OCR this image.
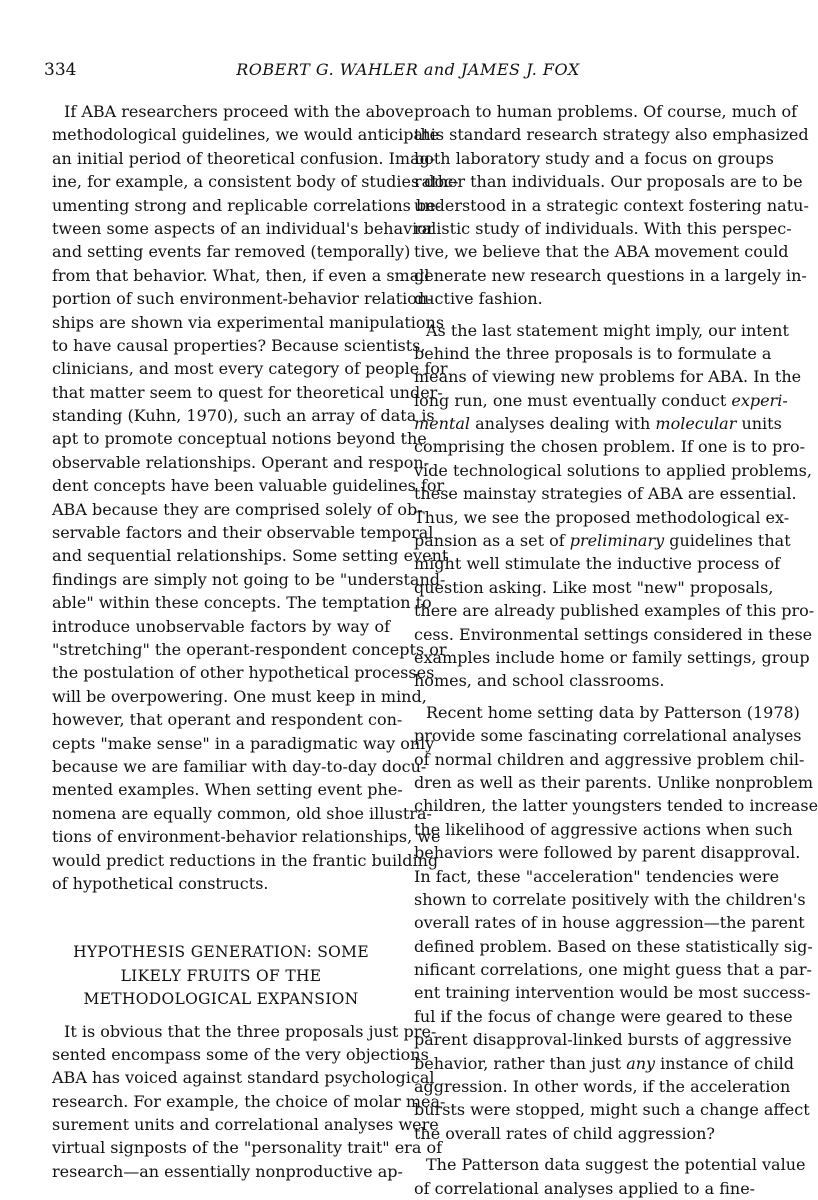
334	ROBERT G. WAHLER and JAMES J. FOX
If ABA researchers proceed with the above
methodological guidelines, we would anticipate
an initial period of theoretical confusion. Imag-
ine, for example, a consistent body of studies doc-
umenting strong and replicable correlations be-
tween some aspects of an individual's behavior
and setting events far removed (temporally)
from that behavior. What, then, if even a small
portion of such environment-behavior relation-
ships are shown via experimental manipulations
to have causal properties? Because scientists,
clinicians, and most every category of people for
that matter seem to quest for theoretical under-
standing (Kuhn, 1970), such an array of data is
apt to promote conceptual notions beyond the
observable relationships. Operant and respon-
dent concepts have been valuable guidelines for
ABA because they are comprised solely of ob-
servable factors and their observable temporal
and sequential relationships. Some setting event
findings are simply not going to be "understand-
able" within these concepts. The temptation to
introduce unobservable factors by way of
"stretching" the operant-respondent concepts or
the postulation of other hypothetical processes
will be overpowering. One must keep in mind,
however, that operant and respondent con-
cepts "make sense" in a paradigmatic way only
because we are familiar with day-to-day docu-
mented examples. When setting event phe-
nomena are equally common, old shoe illustra-
tions of environment-behavior relationships, we
would predict reductions in the frantic building
of hypothetical constructs.
HYPOTHESIS GENERATION: SOME
LIKELY FRUITS OF THE
METHODOLOGICAL EXPANSION
It is obvious that the three proposals just pre-
sented encompass some of the very objections
ABA has voiced against standard psychological
research. For example, the choice of molar mea-
surement units and correlational analyses were
virtual signposts of the "personality trait" era of
research—an essentially nonproductive ap-
proach to human problems. Of course, much of
this standard research strategy also emphasized
both laboratory study and a focus on groups
rather than individuals. Our proposals are to be
understood in a strategic context fostering natu-
ralistic study of individuals. With this perspec-
tive, we believe that the ABA movement could
generate new research questions in a largely in-
ductive fashion.
As the last statement might imply, our intent
behind the three proposals is to formulate a
means of viewing new problems for ABA. In the
long run, one must eventually conduct experi-
mental analyses dealing with molecular units
comprising the chosen problem. If one is to pro-
vide technological solutions to applied problems,
these mainstay strategies of ABA are essential.
Thus, we see the proposed methodological ex-
pansion as a set of preliminary guidelines that
might well stimulate the inductive process of
question asking. Like most "new" proposals,
there are already published examples of this pro-
cess. Environmental settings considered in these
examples include home or family settings, group
homes, and school classrooms.
Recent home setting data by Patterson (1978)
provide some fascinating correlational analyses
of normal children and aggressive problem chil-
dren as well as their parents. Unlike nonproblem
children, the latter youngsters tended to increase
the likelihood of aggressive actions when such
behaviors were followed by parent disapproval.
In fact, these "acceleration" tendencies were
shown to correlate positively with the children's
overall rates of in house aggression—the parent
defined problem. Based on these statistically sig-
nificant correlations, one might guess that a par-
ent training intervention would be most success-
ful if the focus of change were geared to these
parent disapproval-linked bursts of aggressive
behavior, rather than just any instance of child
aggression. In other words, if the acceleration
bursts were stopped, might such a change affect
the overall rates of child aggression?
The Patterson data suggest the potential value
of correlational analyses applied to a fine-
